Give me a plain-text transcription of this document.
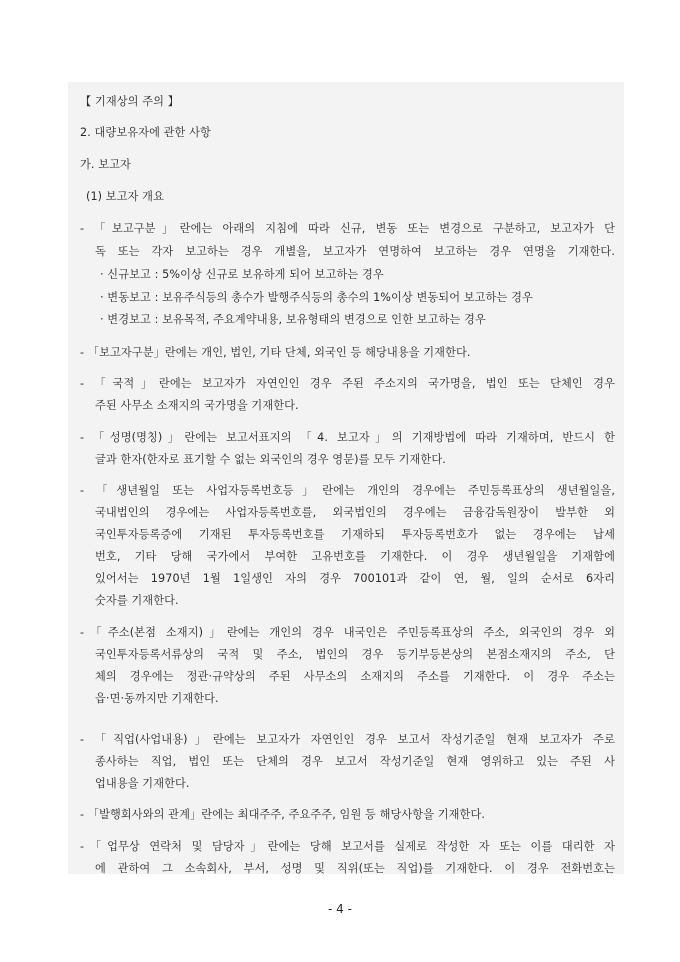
【 기재상의 주의 】
2. 대량보유자에 관한 사항
가. 보고자
(1) 보고자 개요
- 「보고구분」란에는 아래의 지침에 따라 신규, 변동 또는 변경으로 구분하고, 보고자가 단
독 또는 각자 보고하는 경우 개별을, 보고자가 연명하여 보고하는 경우 연명을 기재한다.
· 신규보고 : 5%이상 신규로 보유하게 되어 보고하는 경우
· 변동보고 : 보유주식등의 총수가 발행주식등의 총수의 1%이상 변동되어 보고하는 경우
· 변경보고 : 보유목적, 주요계약내용, 보유형태의 변경으로 인한 보고하는 경우
- 「보고자구분」란에는 개인, 법인, 기타 단체, 외국인 등 해당내용을 기재한다.
- 「국적」란에는 보고자가 자연인인 경우 주된 주소지의 국가명을, 법인 또는 단체인 경우
주된 사무소 소재지의 국가명을 기재한다.
- 「성명(명칭)」란에는 보고서표지의 「4. 보고자」의 기재방법에 따라 기재하며, 반드시 한
글과 한자(한자로 표기할 수 없는 외국인의 경우 영문)를 모두 기재한다.
- 「생년월일 또는 사업자등록번호등」란에는 개인의 경우에는 주민등록표상의 생년월일을,
국내법인의 경우에는 사업자등록번호를, 외국법인의 경우에는 금융감독원장이 발부한 외
국인투자등록증에 기재된 투자등록번호를 기재하되 투자등록번호가 없는 경우에는 납세
번호, 기타 당해 국가에서 부여한 고유번호를 기재한다. 이 경우 생년월일을 기재함에
있어서는 1970년 1월 1일생인 자의 경우 700101과 같이 연, 월, 일의 순서로 6자리
숫자를 기재한다.
-「주소(본점 소재지)」란에는 개인의 경우 내국인은 주민등록표상의 주소, 외국인의 경우 외
국인투자등록서류상의 국적 및 주소, 법인의 경우 등기부등본상의 본점소재지의 주소, 단
체의 경우에는 정관·규약상의 주된 사무소의 소재지의 주소를 기재한다. 이 경우 주소는
읍·면·동까지만 기재한다.
- 「직업(사업내용)」란에는 보고자가 자연인인 경우 보고서 작성기준일 현재 보고자가 주로
종사하는 직업, 법인 또는 단체의 경우 보고서 작성기준일 현재 영위하고 있는 주된 사
업내용을 기재한다.
- 「발행회사와의 관계」란에는 최대주주, 주요주주, 임원 등 해당사항을 기재한다.
-「업무상 연락처 및 담당자」란에는 당해 보고서를 실제로 작성한 자 또는 이를 대리한 자
에 관하여 그 소속회사, 부서, 성명 및 직위(또는 직업)를 기재한다. 이 경우 전화번호는
- 4 -
